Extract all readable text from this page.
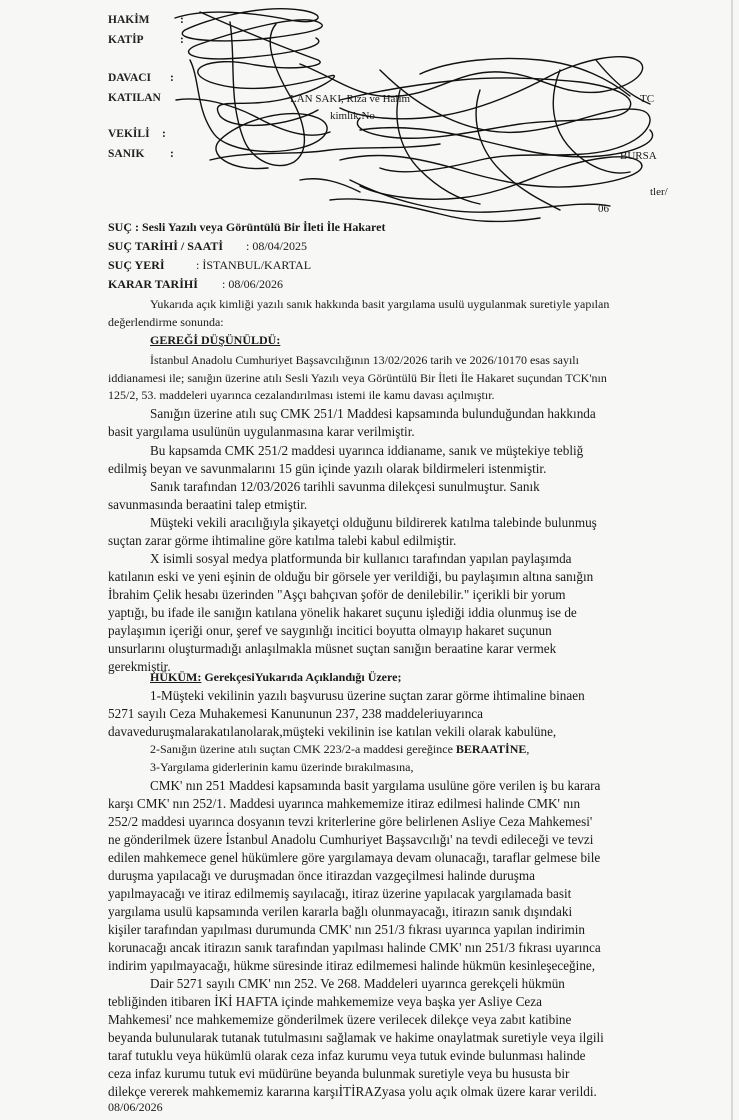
HAKİM	:
KATİP	:
DAVACI :
KATILAN	LAN SAKI, Rıza ve Halim	TC
kimlik No
VEKİLİ :
SANIK :	BURSA
tler/
06
SUÇ : Sesli Yazılı veya Görüntülü Bir İleti İle Hakaret
SUÇ TARİHİ / SAATİ	: 08/04/2025
SUÇ YERİ	: İSTANBUL/KARTAL
KARAR TARİHİ	: 08/06/2026
Yukarıda açık kimliği yazılı sanık hakkında basit yargılama usulü uygulanmak suretiyle yapılan
değerlendirme sonunda:
GEREĞİ DÜŞÜNÜLDÜ:
İstanbul Anadolu Cumhuriyet Başsavcılığının 13/02/2026 tarih ve 2026/10170 esas sayılı
iddianamesi ile; sanığın üzerine atılı Sesli Yazılı veya Görüntülü Bir İleti İle Hakaret suçundan TCK'nın
125/2, 53. maddeleri uyarınca cezalandırılması istemi ile kamu davası açılmıştır.
Sanığın üzerine atılı suç CMK 251/1 Maddesi kapsamında bulunduğundan hakkında
basit yargılama usulünün uygulanmasına karar verilmiştir.
Bu kapsamda CMK 251/2 maddesi uyarınca iddianame, sanık ve müştekiye tebliğ
edilmiş beyan ve savunmalarını 15 gün içinde yazılı olarak bildirmeleri istenmiştir.
Sanık tarafından 12/03/2026 tarihli savunma dilekçesi sunulmuştur. Sanık
savunmasında beraatini talep etmiştir.
Müşteki vekili aracılığıyla şikayetçi olduğunu bildirerek katılma talebinde bulunmuş
suçtan zarar görme ihtimaline göre katılma talebi kabul edilmiştir.
X isimli sosyal medya platformunda bir kullanıcı tarafından yapılan paylaşımda
katılanın eski ve yeni eşinin de olduğu bir görsele yer verildiği, bu paylaşımın altına sanığın
İbrahim Çelik hesabı üzerinden "Aşçı bahçıvan şoför de denilebilir." içerikli bir yorum
yaptığı, bu ifade ile sanığın katılana yönelik hakaret suçunu işlediği iddia olunmuş ise de
paylaşımın içeriği onur, şeref ve saygınlığı incitici boyutta olmayıp hakaret suçunun
unsurlarını oluşturmadığı anlaşılmakla müsnet suçtan sanığın beraatine karar vermek
gerekmiştir.
HÜKÜM: GerekçesiYukarıda Açıklandığı Üzere;
1-Müşteki vekilinin yazılı başvurusu üzerine suçtan zarar görme ihtimaline binaen
5271 sayılı Ceza Muhakemesi Kanununun 237, 238 maddeleriuyarınca
davaveduruşmalarakatılanolarak,müşteki vekilinin ise katılan vekili olarak kabulüne,
2-Sanığın üzerine atılı suçtan CMK 223/2-a maddesi gereğince BERAATİNE,
3-Yargılama giderlerinin kamu üzerinde bırakılmasına,
CMK' nın 251 Maddesi kapsamında basit yargılama usulüne göre verilen iş bu karara
karşı CMK' nın 252/1. Maddesi uyarınca mahkememize itiraz edilmesi halinde CMK' nın
252/2 maddesi uyarınca dosyanın tevzi kriterlerine göre belirlenen Asliye Ceza Mahkemesi'
ne gönderilmek üzere İstanbul Anadolu Cumhuriyet Başsavcılığı' na tevdi edileceği ve tevzi
edilen mahkemece genel hükümlere göre yargılamaya devam olunacağı, taraflar gelmese bile
duruşma yapılacağı ve duruşmadan önce itirazdan vazgeçilmesi halinde duruşma
yapılmayacağı ve itiraz edilmemiş sayılacağı, itiraz üzerine yapılacak yargılamada basit
yargılama usulü kapsamında verilen kararla bağlı olunmayacağı, itirazın sanık dışındaki
kişiler tarafından yapılması durumunda CMK' nın 251/3 fıkrası uyarınca yapılan indirimin
korunacağı ancak itirazın sanık tarafından yapılması halinde CMK' nın 251/3 fıkrası uyarınca
indirim yapılmayacağı, hükme süresinde itiraz edilmemesi halinde hükmün kesinleşeceğine,
Dair 5271 sayılı CMK' nın 252. Ve 268. Maddeleri uyarınca gerekçeli hükmün
tebliğinden itibaren İKİ HAFTA içinde mahkememize veya başka yer Asliye Ceza
Mahkemesi' nce mahkememize gönderilmek üzere verilecek dilekçe veya zabıt katibine
beyanda bulunularak tutanak tutulmasını sağlamak ve hakime onaylatmak suretiyle veya ilgili
taraf tutuklu veya hükümlü olarak ceza infaz kurumu veya tutuk evinde bulunması halinde
ceza infaz kurumu tutuk evi müdürüne beyanda bulunmak suretiyle veya bu hususta bir
dilekçe vererek mahkememiz kararına karşıİTİRAZyasa yolu açık olmak üzere karar verildi.
08/06/2026
